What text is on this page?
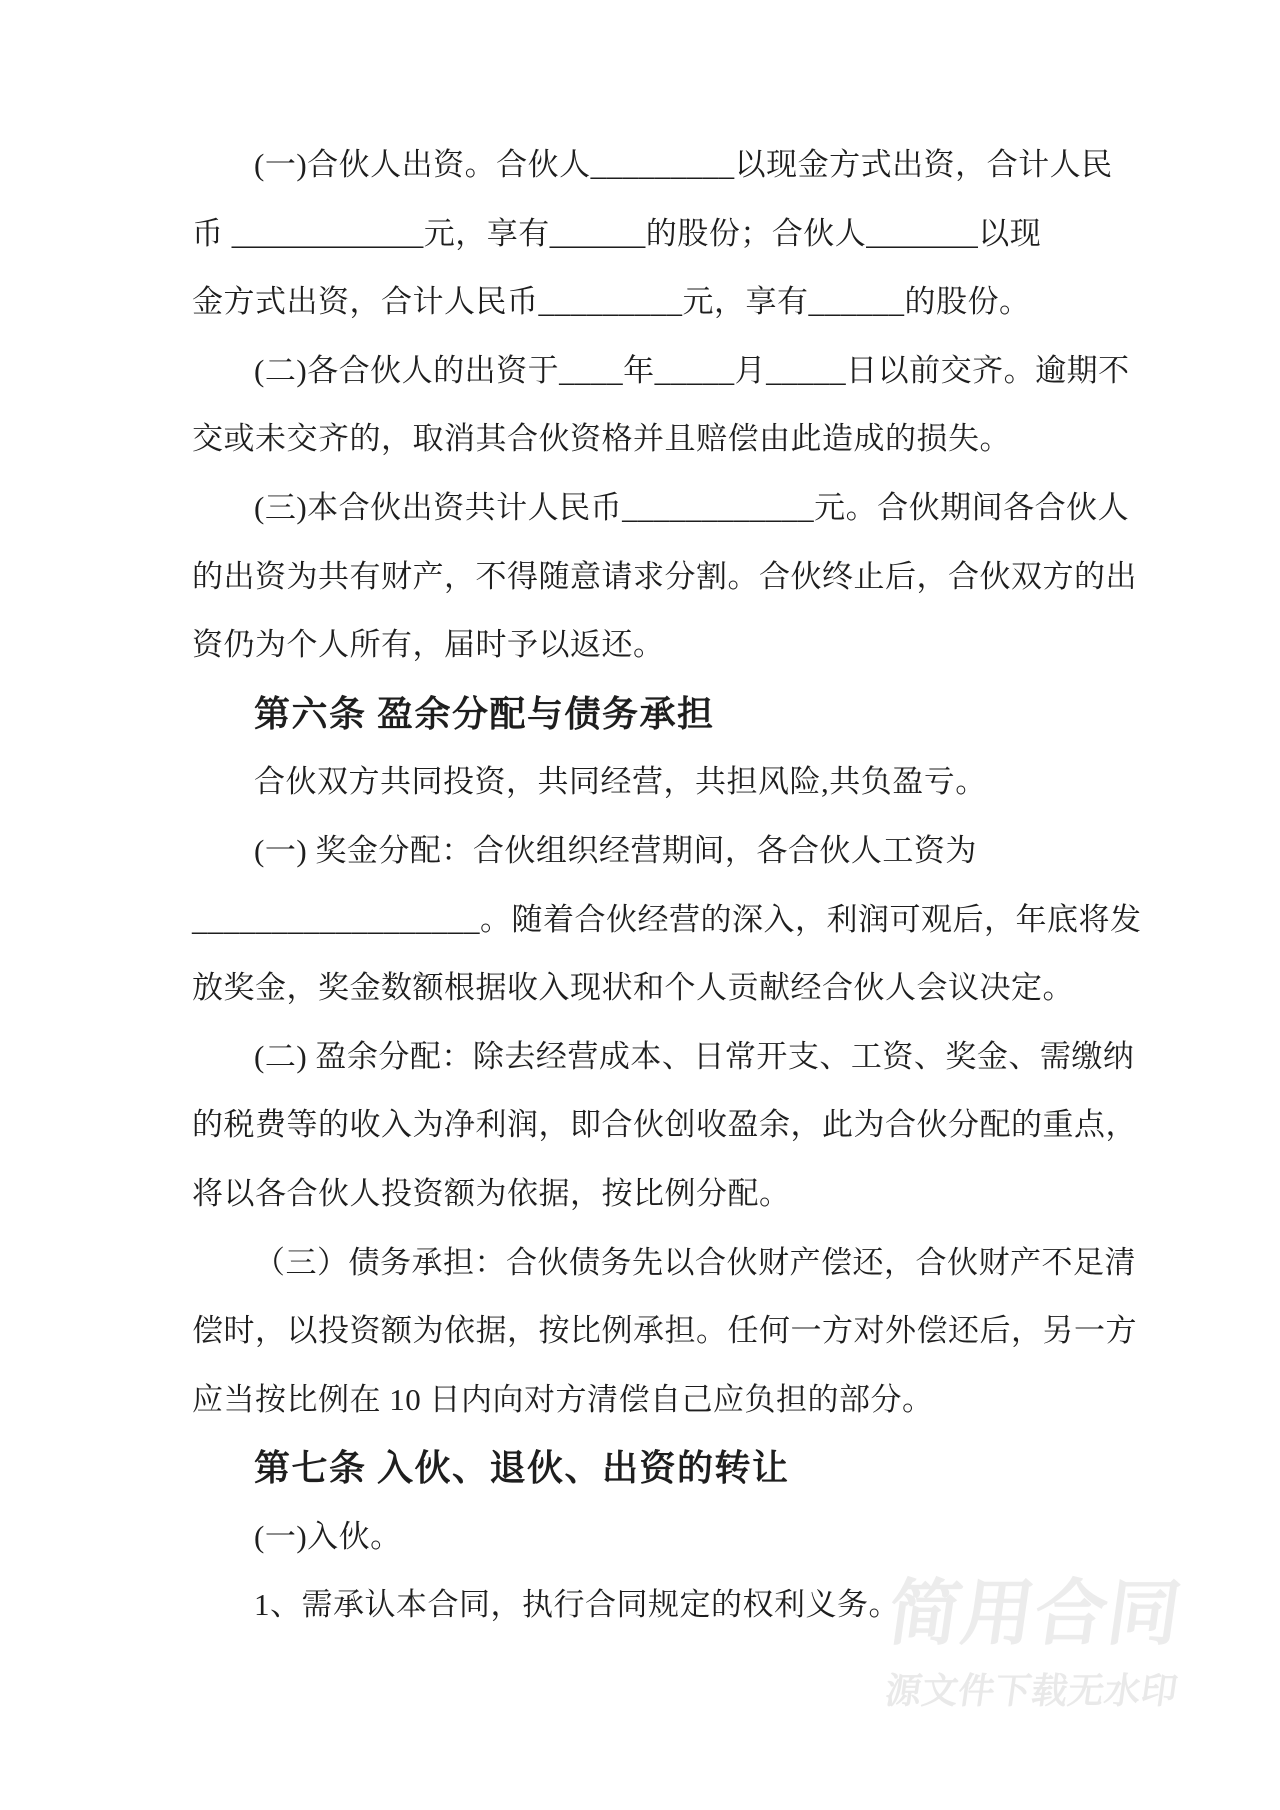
(一)合伙人出资。合伙人_________以现金方式出资，合计人民
币 ____________元，享有______的股份；合伙人_______以现
金方式出资，合计人民币_________元，享有______的股份。
(二)各合伙人的出资于____年_____月_____日以前交齐。逾期不
交或未交齐的，取消其合伙资格并且赔偿由此造成的损失。
(三)本合伙出资共计人民币____________元。合伙期间各合伙人
的出资为共有财产，不得随意请求分割。合伙终止后，合伙双方的出
资仍为个人所有，届时予以返还。
第六条 盈余分配与债务承担
合伙双方共同投资，共同经营，共担风险,共负盈亏。
(一) 奖金分配：合伙组织经营期间，各合伙人工资为
__________________。随着合伙经营的深入，利润可观后，年底将发
放奖金，奖金数额根据收入现状和个人贡献经合伙人会议决定。
(二) 盈余分配：除去经营成本、日常开支、工资、奖金、需缴纳
的税费等的收入为净利润，即合伙创收盈余，此为合伙分配的重点，
将以各合伙人投资额为依据，按比例分配。
（三）债务承担：合伙债务先以合伙财产偿还，合伙财产不足清
偿时，以投资额为依据，按比例承担。任何一方对外偿还后，另一方
应当按比例在 10 日内向对方清偿自己应负担的部分。
第七条 入伙、退伙、出资的转让
(一)入伙。
1、需承认本合同，执行合同规定的权利义务。
简用合同
源文件下载无水印
